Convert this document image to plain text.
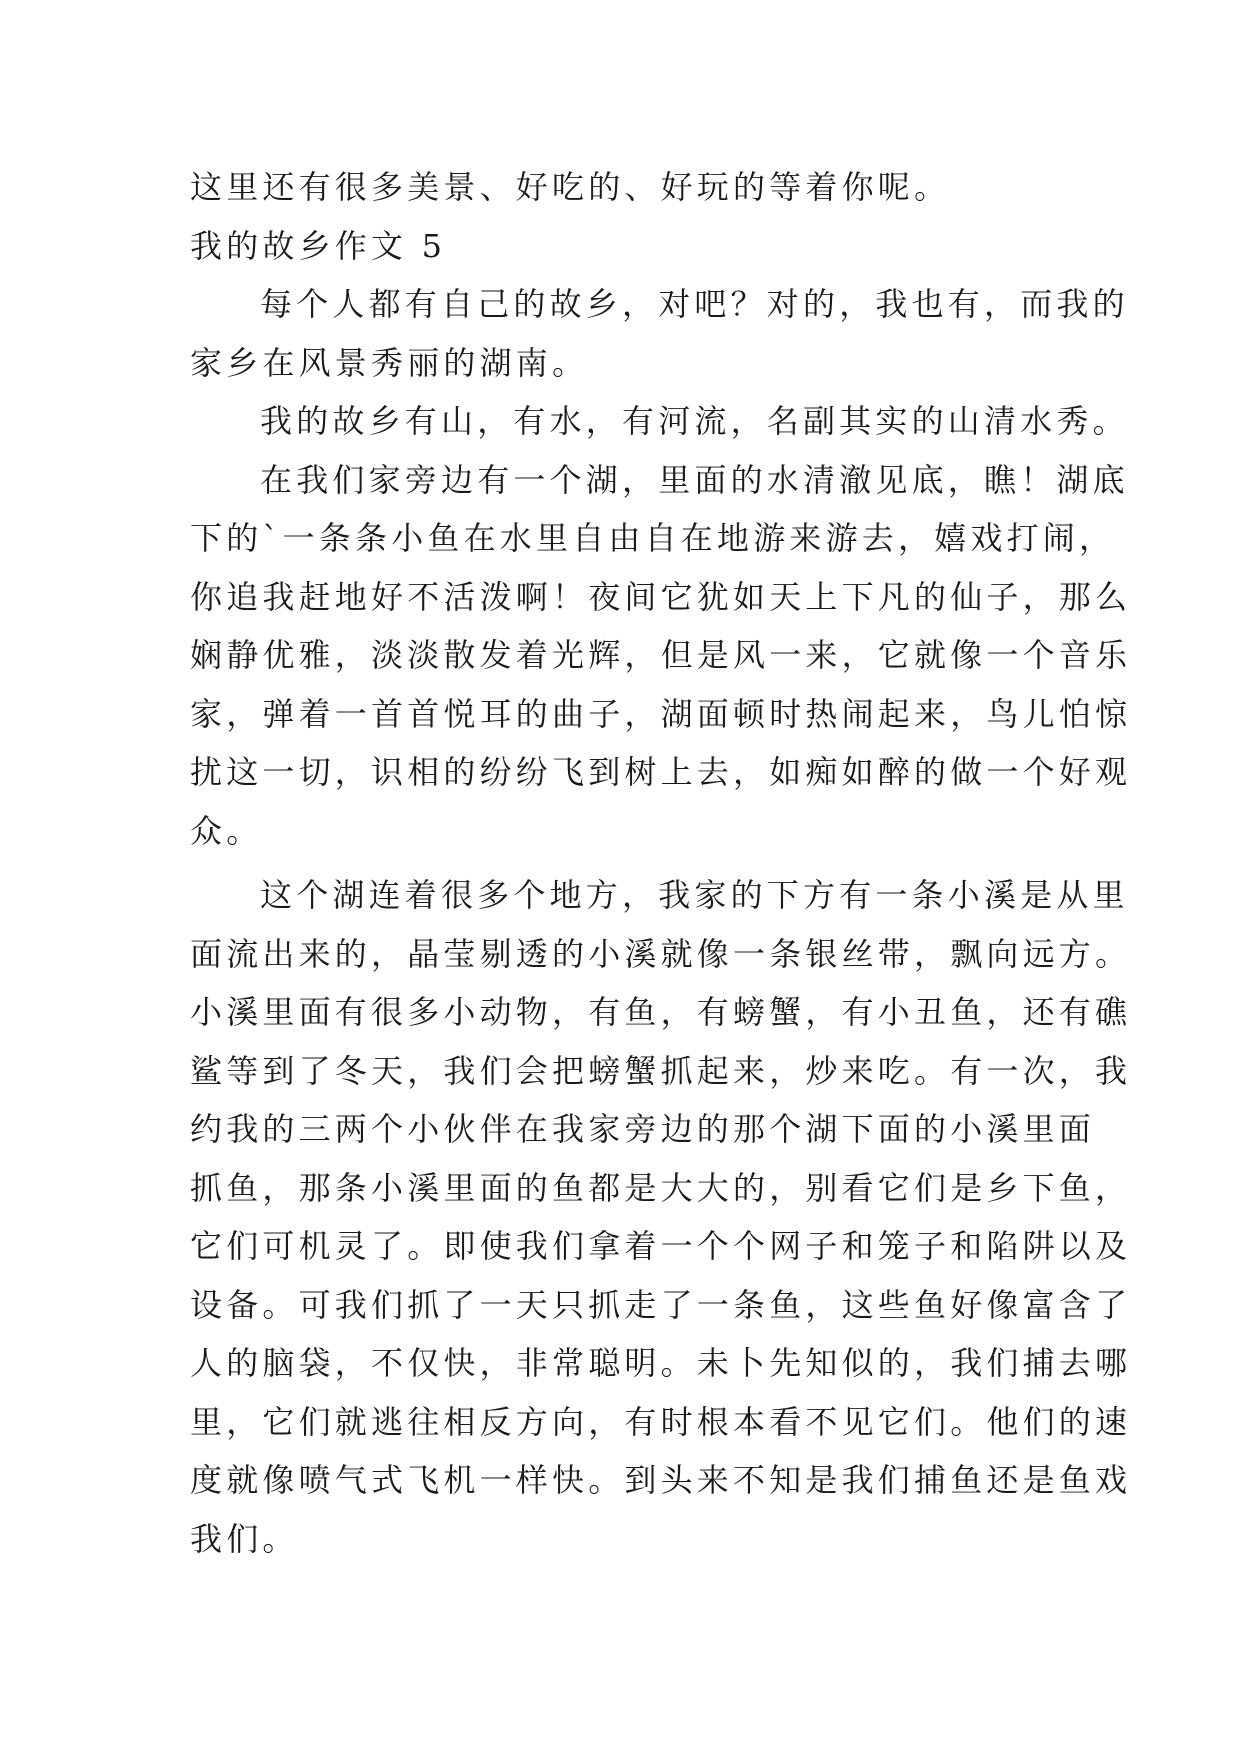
这里还有很多美景、好吃的、好玩的等着你呢。
我的故乡作文 5
每个人都有自己的故乡，对吧？对的，我也有，而我的
家乡在风景秀丽的湖南。
我的故乡有山，有水，有河流，名副其实的山清水秀。
在我们家旁边有一个湖，里面的水清澈见底，瞧！湖底
下的`一条条小鱼在水里自由自在地游来游去，嬉戏打闹，
你追我赶地好不活泼啊！夜间它犹如天上下凡的仙子，那么
娴静优雅，淡淡散发着光辉，但是风一来，它就像一个音乐
家，弹着一首首悦耳的曲子，湖面顿时热闹起来，鸟儿怕惊
扰这一切，识相的纷纷飞到树上去，如痴如醉的做一个好观
众。
这个湖连着很多个地方，我家的下方有一条小溪是从里
面流出来的，晶莹剔透的小溪就像一条银丝带，飘向远方。
小溪里面有很多小动物，有鱼，有螃蟹，有小丑鱼，还有礁
鲨等到了冬天，我们会把螃蟹抓起来，炒来吃。有一次，我
约我的三两个小伙伴在我家旁边的那个湖下面的小溪里面
抓鱼，那条小溪里面的鱼都是大大的，别看它们是乡下鱼，
它们可机灵了。即使我们拿着一个个网子和笼子和陷阱以及
设备。可我们抓了一天只抓走了一条鱼，这些鱼好像富含了
人的脑袋，不仅快，非常聪明。未卜先知似的，我们捕去哪
里，它们就逃往相反方向，有时根本看不见它们。他们的速
度就像喷气式飞机一样快。到头来不知是我们捕鱼还是鱼戏
我们。
